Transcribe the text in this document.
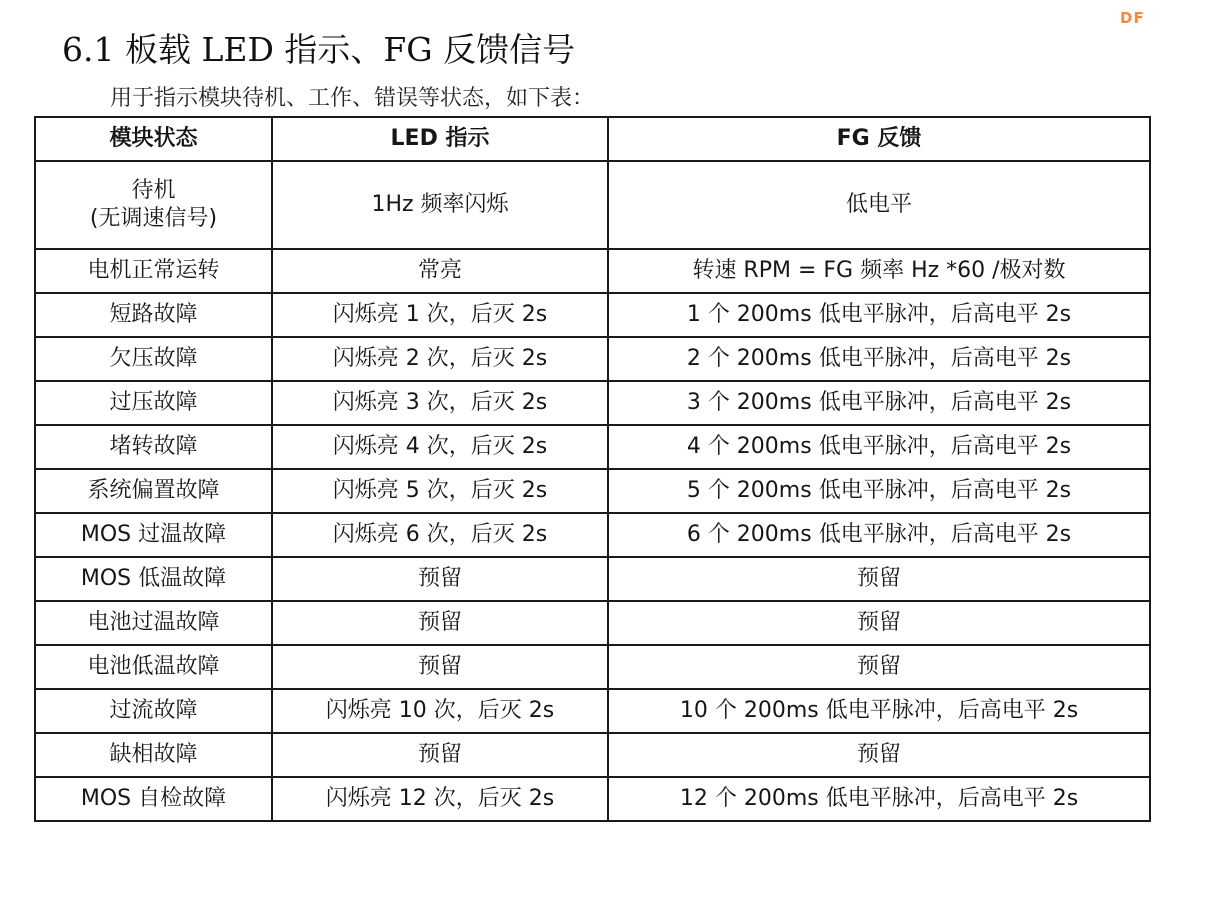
DF
6.1 板载 LED 指示、FG 反馈信号
用于指示模块待机、工作、错误等状态，如下表：
模块状态	LED 指示	FG 反馈

待机
(无调速信号)	1Hz 频率闪烁	低电平
电机正常运转	常亮	转速 RPM = FG 频率 Hz *60 /极对数
短路故障	闪烁亮 1 次，后灭 2s	1 个 200ms 低电平脉冲，后高电平 2s
欠压故障	闪烁亮 2 次，后灭 2s	2 个 200ms 低电平脉冲，后高电平 2s
过压故障	闪烁亮 3 次，后灭 2s	3 个 200ms 低电平脉冲，后高电平 2s
堵转故障	闪烁亮 4 次，后灭 2s	4 个 200ms 低电平脉冲，后高电平 2s
系统偏置故障	闪烁亮 5 次，后灭 2s	5 个 200ms 低电平脉冲，后高电平 2s
MOS 过温故障	闪烁亮 6 次，后灭 2s	6 个 200ms 低电平脉冲，后高电平 2s
MOS 低温故障	预留	预留
电池过温故障	预留	预留
电池低温故障	预留	预留
过流故障	闪烁亮 10 次，后灭 2s	10 个 200ms 低电平脉冲，后高电平 2s
缺相故障	预留	预留
MOS 自检故障	闪烁亮 12 次，后灭 2s	12 个 200ms 低电平脉冲，后高电平 2s
